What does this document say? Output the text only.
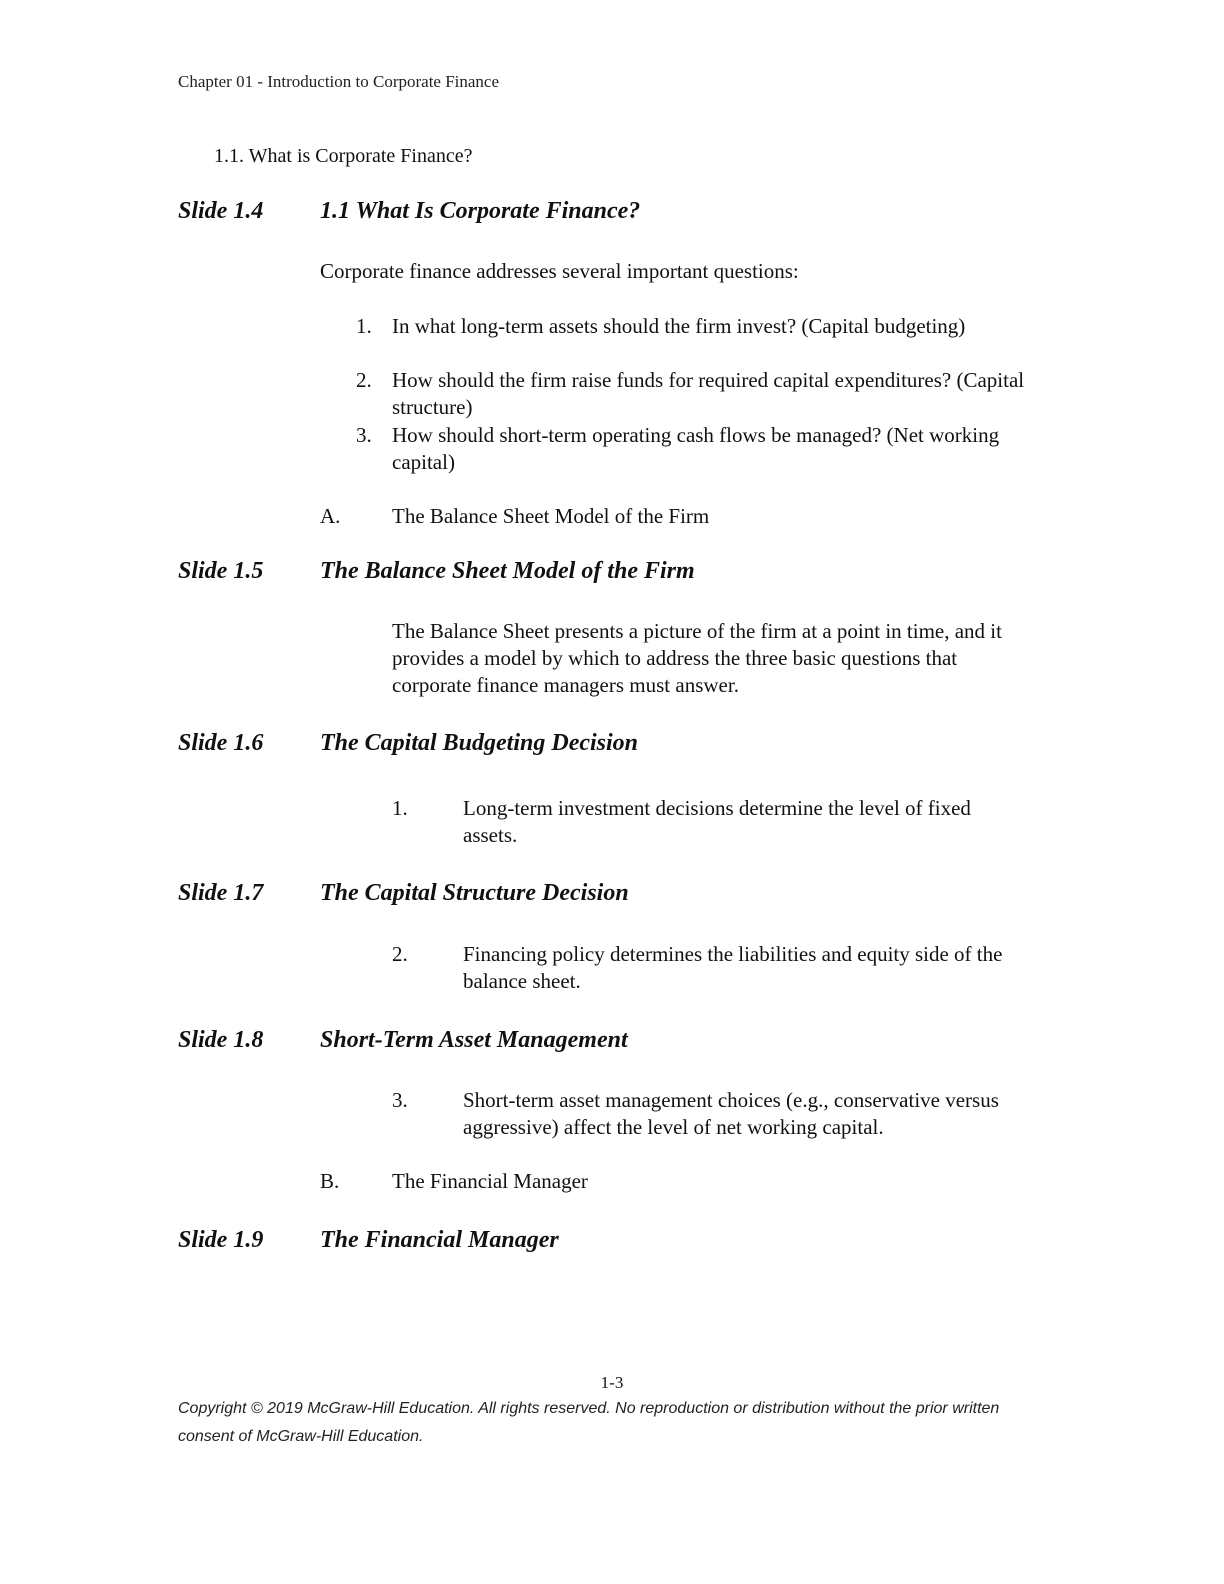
Chapter 01 - Introduction to Corporate Finance
1.1. What is Corporate Finance?
Slide 1.4 1.1 What Is Corporate Finance?
Corporate finance addresses several important questions:
1. In what long-term assets should the firm invest? (Capital budgeting)
2. How should the firm raise funds for required capital expenditures? (Capital structure)
3. How should short-term operating cash flows be managed? (Net working capital)
A. The Balance Sheet Model of the Firm
Slide 1.5 The Balance Sheet Model of the Firm
The Balance Sheet presents a picture of the firm at a point in time, and it provides a model by which to address the three basic questions that corporate finance managers must answer.
Slide 1.6 The Capital Budgeting Decision
1.	Long-term investment decisions determine the level of fixed assets.
Slide 1.7 The Capital Structure Decision
2.	Financing policy determines the liabilities and equity side of the balance sheet.
Slide 1.8 Short-Term Asset Management
3.	Short-term asset management choices (e.g., conservative versus aggressive) affect the level of net working capital.
B.	The Financial Manager
Slide 1.9 The Financial Manager
1-3
Copyright © 2019 McGraw-Hill Education. All rights reserved. No reproduction or distribution without the prior written consent of McGraw-Hill Education.
